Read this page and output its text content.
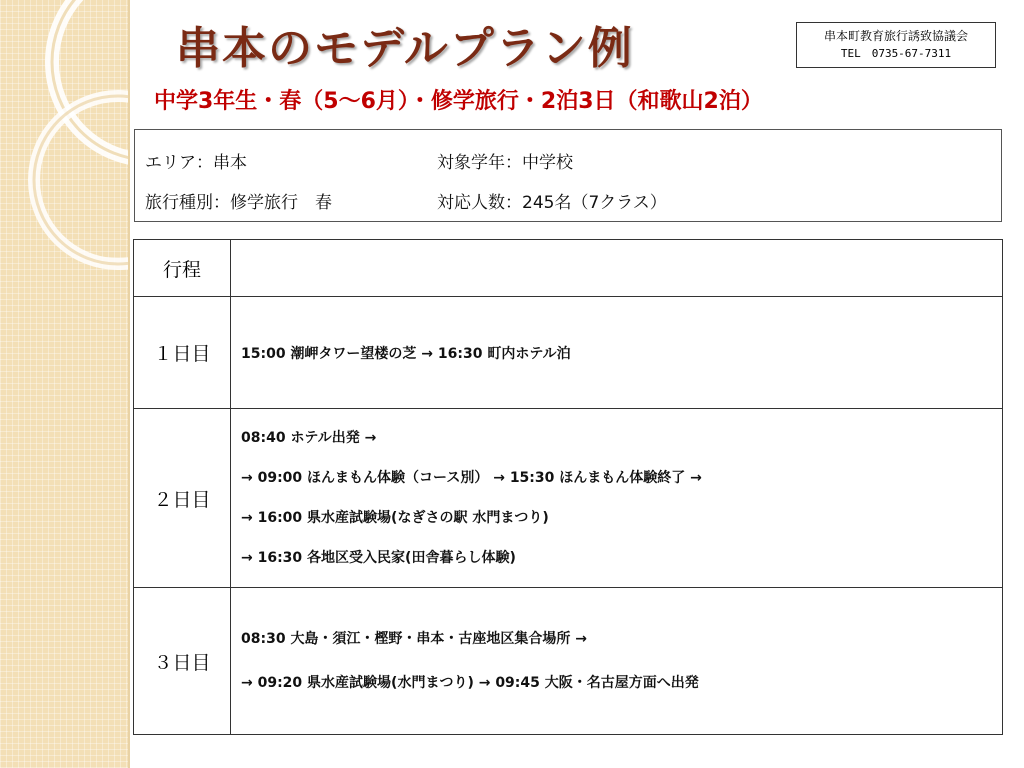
串本のモデルプラン例	串本町教育旅行誘致協議会
TEL　0735-67-7311
中学3年生・春（5～6月）・修学旅行・2泊3日（和歌山2泊）
エリア：串本	対象学年：中学校
旅行種別：修学旅行　春	対応人数：245名（7クラス）
行程	
１日目	15:00 潮岬タワー望楼の芝 → 16:30 町内ホテル泊

２日目	08:40 ホテル出発 →
→ 09:00 ほんまもん体験（コース別） → 15:30 ほんまもん体験終了 →
→ 16:00 県水産試験場(なぎさの駅 水門まつり)
→ 16:30 各地区受入民家(田舎暮らし体験)

３日目	08:30 大島・須江・樫野・串本・古座地区集合場所 →
→ 09:20 県水産試験場(水門まつり) → 09:45 大阪・名古屋方面へ出発
